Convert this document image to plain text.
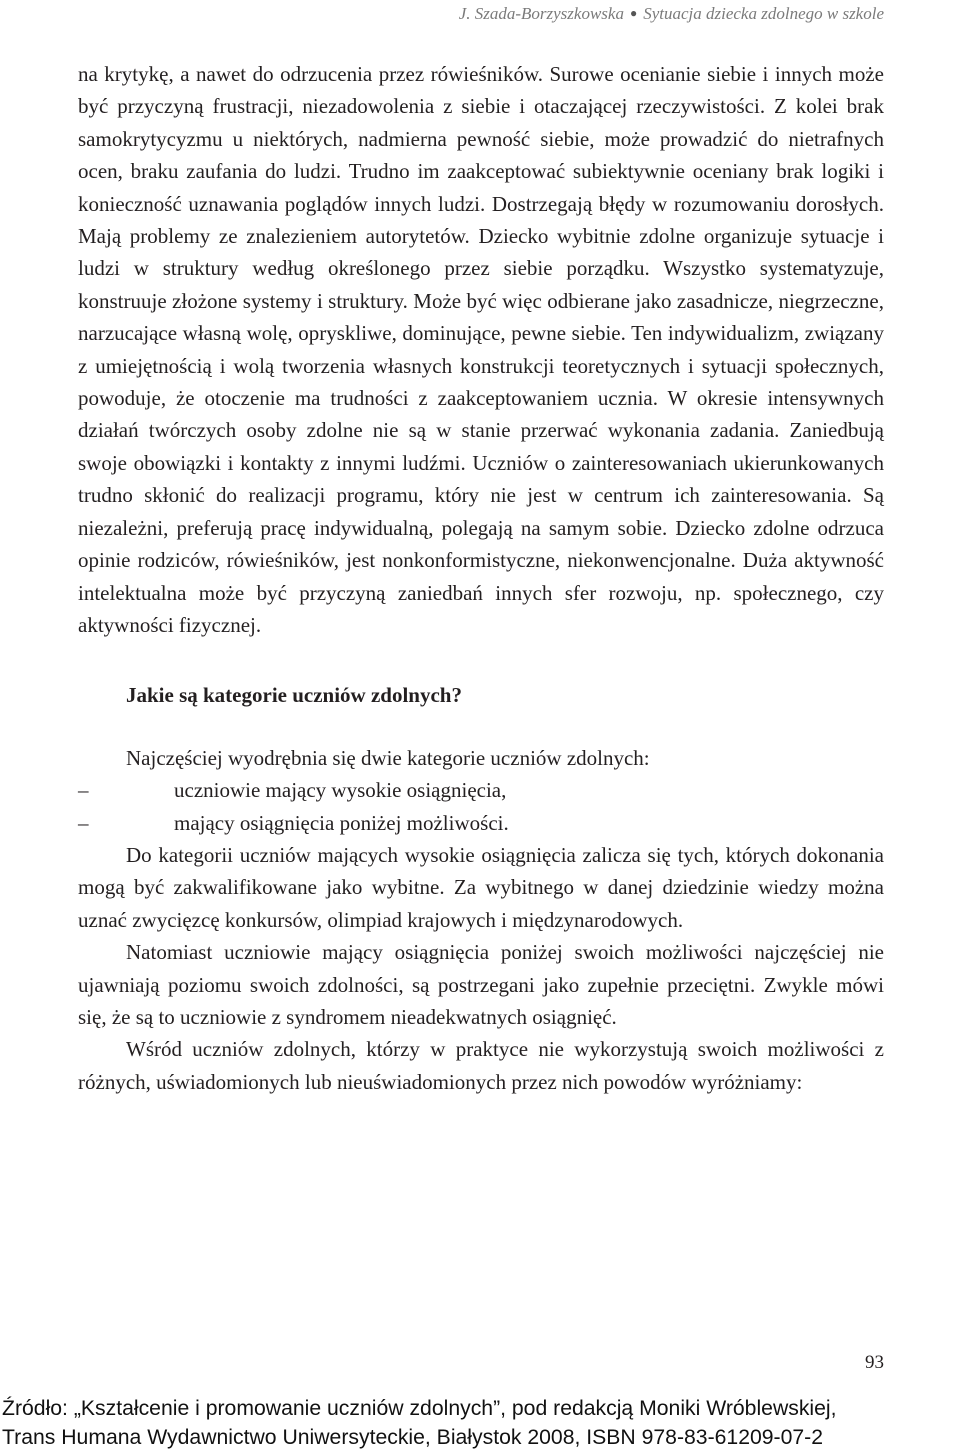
J. Szada-Borzyszkowska ● Sytuacja dziecka zdolnego w szkole

na krytykę, a nawet do odrzucenia przez rówieśników. Surowe ocenianie siebie i innych może być przyczyną frustracji, niezadowolenia z siebie i otaczającej rzeczywistości. Z kolei brak samokrytycyzmu u niektórych, nadmierna pewność siebie, może prowadzić do nietrafnych ocen, braku zaufania do ludzi. Trudno im zaakceptować subiektywnie oceniany brak logiki i konieczność uznawania poglądów innych ludzi. Dostrzegają błędy w rozumowaniu dorosłych. Mają problemy ze znalezieniem autorytetów. Dziecko wybitnie zdolne organizuje sytuacje i ludzi w struktury według określonego przez siebie porządku. Wszystko systematyzuje, konstruuje złożone systemy i struktury. Może być więc odbierane jako zasadnicze, niegrzeczne, narzucające własną wolę, opryskliwe, dominujące, pewne siebie. Ten indywidualizm, związany z umiejętnością i wolą tworzenia własnych konstrukcji teoretycznych i sytuacji społecznych, powoduje, że otoczenie ma trudności z zaakceptowaniem ucznia. W okresie intensywnych działań twórczych osoby zdolne nie są w stanie przerwać wykonania zadania. Zaniedbują swoje obowiązki i kontakty z innymi ludźmi. Uczniów o zainteresowaniach ukierunkowanych trudno skłonić do realizacji programu, który nie jest w centrum ich zainteresowania. Są niezależni, preferują pracę indywidualną, polegają na samym sobie. Dziecko zdolne odrzuca opinie rodziców, rówieśników, jest nonkonformistyczne, niekonwencjonalne. Duża aktywność intelektualna może być przyczyną zaniedbań innych sfer rozwoju, np. społecznego, czy aktywności fizycznej.

Jakie są kategorie uczniów zdolnych?

Najczęściej wyodrębnia się dwie kategorie uczniów zdolnych:

–	uczniowie mający wysokie osiągnięcia,
–	mający osiągnięcia poniżej możliwości.

Do kategorii uczniów mających wysokie osiągnięcia zalicza się tych, których dokonania mogą być zakwalifikowane jako wybitne. Za wybitnego w danej dziedzinie wiedzy można uznać zwycięzcę konkursów, olimpiad krajowych i międzynarodowych.

Natomiast uczniowie mający osiągnięcia poniżej swoich możliwości najczęściej nie ujawniają poziomu swoich zdolności, są postrzegani jako zupełnie przeciętni. Zwykle mówi się, że są to uczniowie z syndromem nieadekwatnych osiągnięć.

Wśród uczniów zdolnych, którzy w praktyce nie wykorzystują swoich możliwości z różnych, uświadomionych lub nieuświadomionych przez nich powodów wyróżniamy:

93
Źródło: „Kształcenie i promowanie uczniów zdolnych”, pod redakcją Moniki Wróblewskiej,
Trans Humana Wydawnictwo Uniwersyteckie, Białystok 2008, ISBN 978-83-61209-07-2
